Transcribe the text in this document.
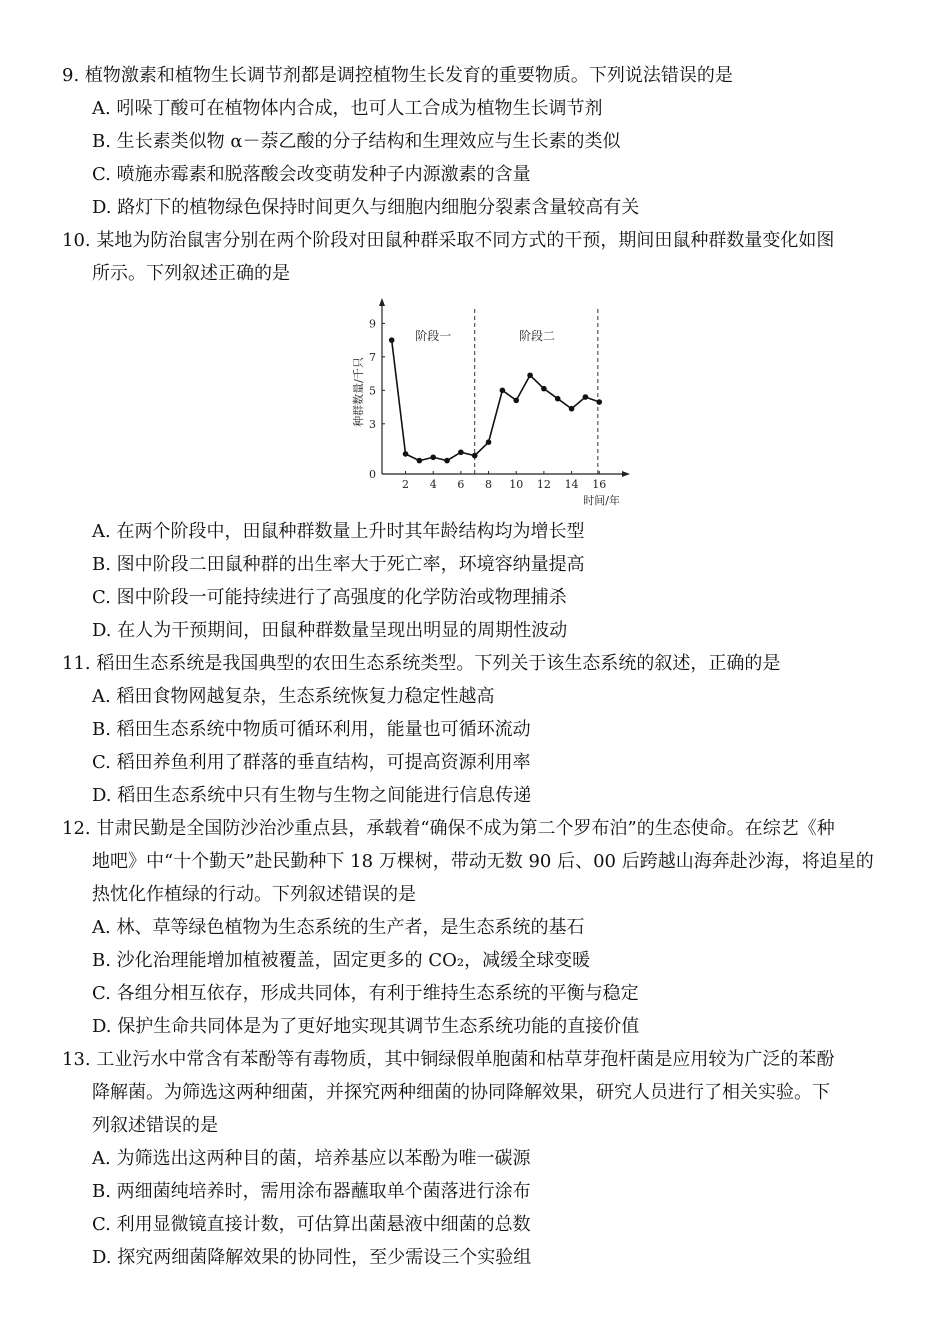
9. 植物激素和植物生长调节剂都是调控植物生长发育的重要物质。下列说法错误的是
A. 吲哚丁酸可在植物体内合成，也可人工合成为植物生长调节剂
B. 生长素类似物 α－萘乙酸的分子结构和生理效应与生长素的类似
C. 喷施赤霉素和脱落酸会改变萌发种子内源激素的含量
D. 路灯下的植物绿色保持时间更久与细胞内细胞分裂素含量较高有关
10. 某地为防治鼠害分别在两个阶段对田鼠种群采取不同方式的干预，期间田鼠种群数量变化如图
所示。下列叙述正确的是
2 4 6 8 10 12 14 16
0
3
5
7
9
阶段一	阶段二
种群数量/千只
时间/年
A. 在两个阶段中，田鼠种群数量上升时其年龄结构均为增长型
B. 图中阶段二田鼠种群的出生率大于死亡率，环境容纳量提高
C. 图中阶段一可能持续进行了高强度的化学防治或物理捕杀
D. 在人为干预期间，田鼠种群数量呈现出明显的周期性波动
11. 稻田生态系统是我国典型的农田生态系统类型。下列关于该生态系统的叙述，正确的是
A. 稻田食物网越复杂，生态系统恢复力稳定性越高
B. 稻田生态系统中物质可循环利用，能量也可循环流动
C. 稻田养鱼利用了群落的垂直结构，可提高资源利用率
D. 稻田生态系统中只有生物与生物之间能进行信息传递
12. 甘肃民勤是全国防沙治沙重点县，承载着“确保不成为第二个罗布泊”的生态使命。在综艺《种
地吧》中“十个勤天”赴民勤种下 18 万棵树，带动无数 90 后、00 后跨越山海奔赴沙海，将追星的
热忱化作植绿的行动。下列叙述错误的是
A. 林、草等绿色植物为生态系统的生产者，是生态系统的基石
B. 沙化治理能增加植被覆盖，固定更多的 CO₂，减缓全球变暖
C. 各组分相互依存，形成共同体，有利于维持生态系统的平衡与稳定
D. 保护生命共同体是为了更好地实现其调节生态系统功能的直接价值
13. 工业污水中常含有苯酚等有毒物质，其中铜绿假单胞菌和枯草芽孢杆菌是应用较为广泛的苯酚
降解菌。为筛选这两种细菌，并探究两种细菌的协同降解效果，研究人员进行了相关实验。下
列叙述错误的是
A. 为筛选出这两种目的菌，培养基应以苯酚为唯一碳源
B. 两细菌纯培养时，需用涂布器蘸取单个菌落进行涂布
C. 利用显微镜直接计数，可估算出菌悬液中细菌的总数
D. 探究两细菌降解效果的协同性，至少需设三个实验组
